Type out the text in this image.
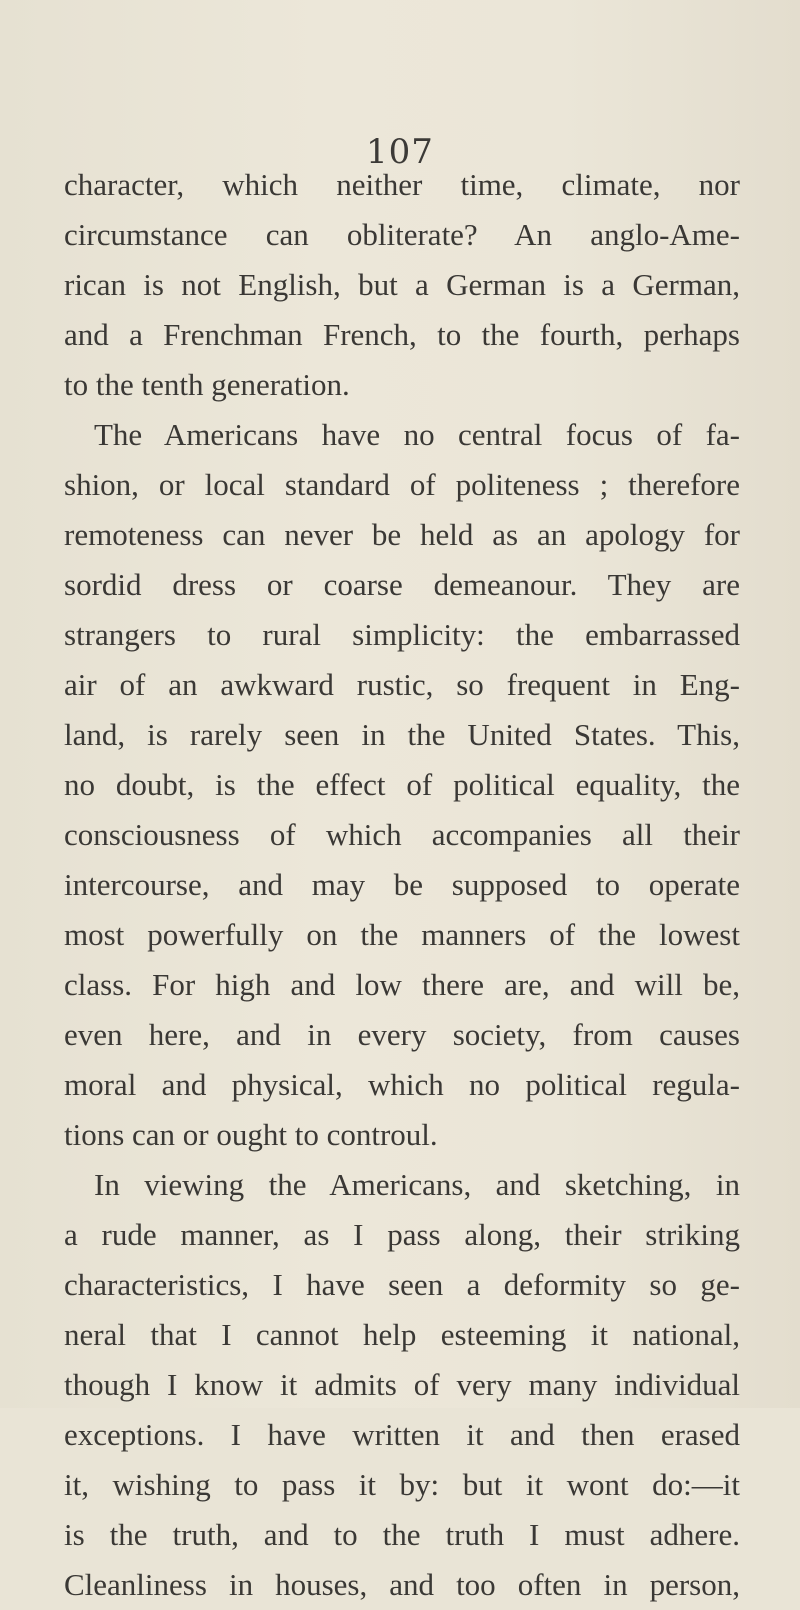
107
character, which neither time, climate, nor
circumstance can obliterate? An anglo-Ame-
rican is not English, but a German is a German,
and a Frenchman French, to the fourth, perhaps
to the tenth generation.
The Americans have no central focus of fa-
shion, or local standard of politeness ; therefore
remoteness can never be held as an apology for
sordid dress or coarse demeanour. They are
strangers to rural simplicity: the embarrassed
air of an awkward rustic, so frequent in Eng-
land, is rarely seen in the United States. This,
no doubt, is the effect of political equality, the
consciousness of which accompanies all their
intercourse, and may be supposed to operate
most powerfully on the manners of the lowest
class. For high and low there are, and will be,
even here, and in every society, from causes
moral and physical, which no political regula-
tions can or ought to controul.
In viewing the Americans, and sketching, in
a rude manner, as I pass along, their striking
characteristics, I have seen a deformity so ge-
neral that I cannot help esteeming it national,
though I know it admits of very many individual
exceptions. I have written it and then erased
it, wishing to pass it by: but it wont do:—it
is the truth, and to the truth I must adhere.
Cleanliness in houses, and too often in person,
